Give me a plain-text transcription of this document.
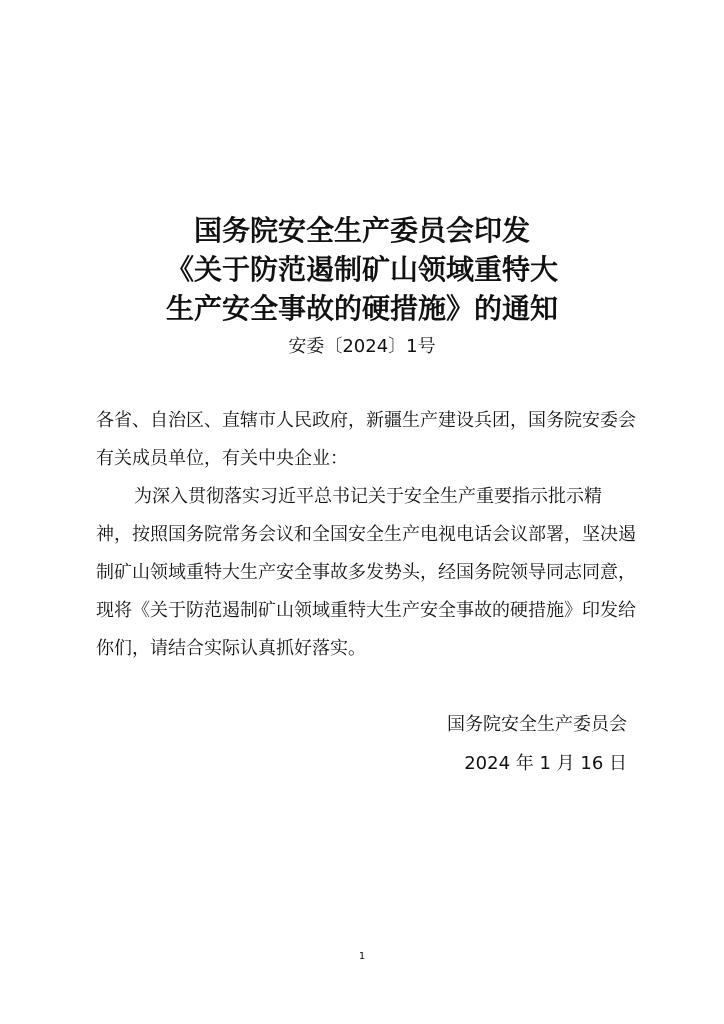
国务院安全生产委员会印发
《关于防范遏制矿山领域重特大
生产安全事故的硬措施》的通知
安委〔2024〕1号

各省、自治区、直辖市人民政府，新疆生产建设兵团，国务院安委会有关成员单位，有关中央企业：

为深入贯彻落实习近平总书记关于安全生产重要指示批示精神，按照国务院常务会议和全国安全生产电视电话会议部署，坚决遏制矿山领域重特大生产安全事故多发势头，经国务院领导同志同意，现将《关于防范遏制矿山领域重特大生产安全事故的硬措施》印发给你们，请结合实际认真抓好落实。

国务院安全生产委员会
2024 年 1 月 16 日
1
